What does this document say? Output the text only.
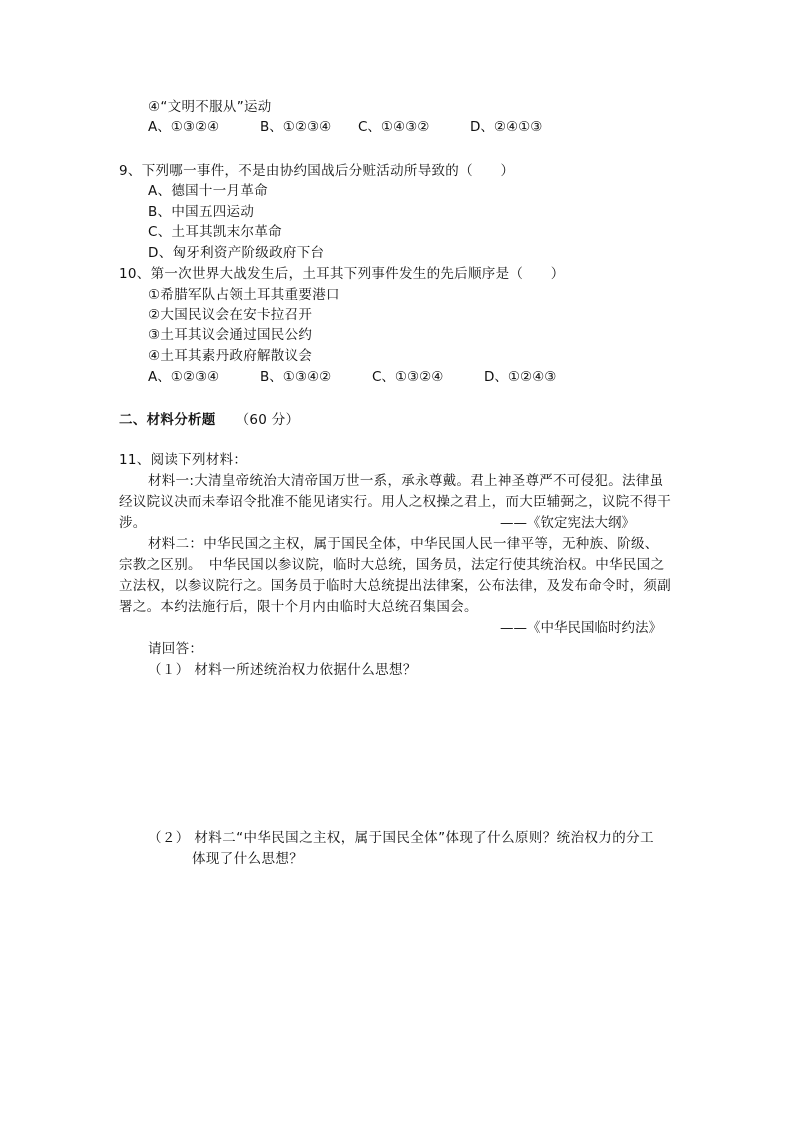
④“文明不服从”运动
A、①③②④	B、①②③④ C、①④③②	D、②④①③
9、下列哪一事件，不是由协约国战后分赃活动所导致的（　　）
A、德国十一月革命
B、中国五四运动
C、土耳其凯末尔革命
D、匈牙利资产阶级政府下台
10、第一次世界大战发生后，土耳其下列事件发生的先后顺序是（　　）
①希腊军队占领土耳其重要港口
②大国民议会在安卡拉召开
③土耳其议会通过国民公约
④土耳其素丹政府解散议会
A、①②③④	B、①③④②	C、①③②④	D、①②④③
二、材料分析题 （60 分）
11、阅读下列材料：
材料一:大清皇帝统治大清帝国万世一系，承永尊戴。君上神圣尊严不可侵犯。法律虽
经议院议决而未奉诏令批准不能见诸实行。用人之权操之君上，而大臣辅弼之，议院不得干
涉。	——《钦定宪法大纲》
材料二：中华民国之主权，属于国民全体，中华民国人民一律平等，无种族、阶级、
宗教之区别。　中华民国以参议院，临时大总统，国务员，法定行使其统治权。中华民国之
立法权，以参议院行之。国务员于临时大总统提出法律案，公布法律，及发布命令时，须副
署之。本约法施行后，限十个月内由临时大总统召集国会。
——《中华民国临时约法》
请回答：
（１） 材料一所述统治权力依据什么思想？
（２） 材料二“中华民国之主权，属于国民全体”体现了什么原则？统治权力的分工
体现了什么思想？
